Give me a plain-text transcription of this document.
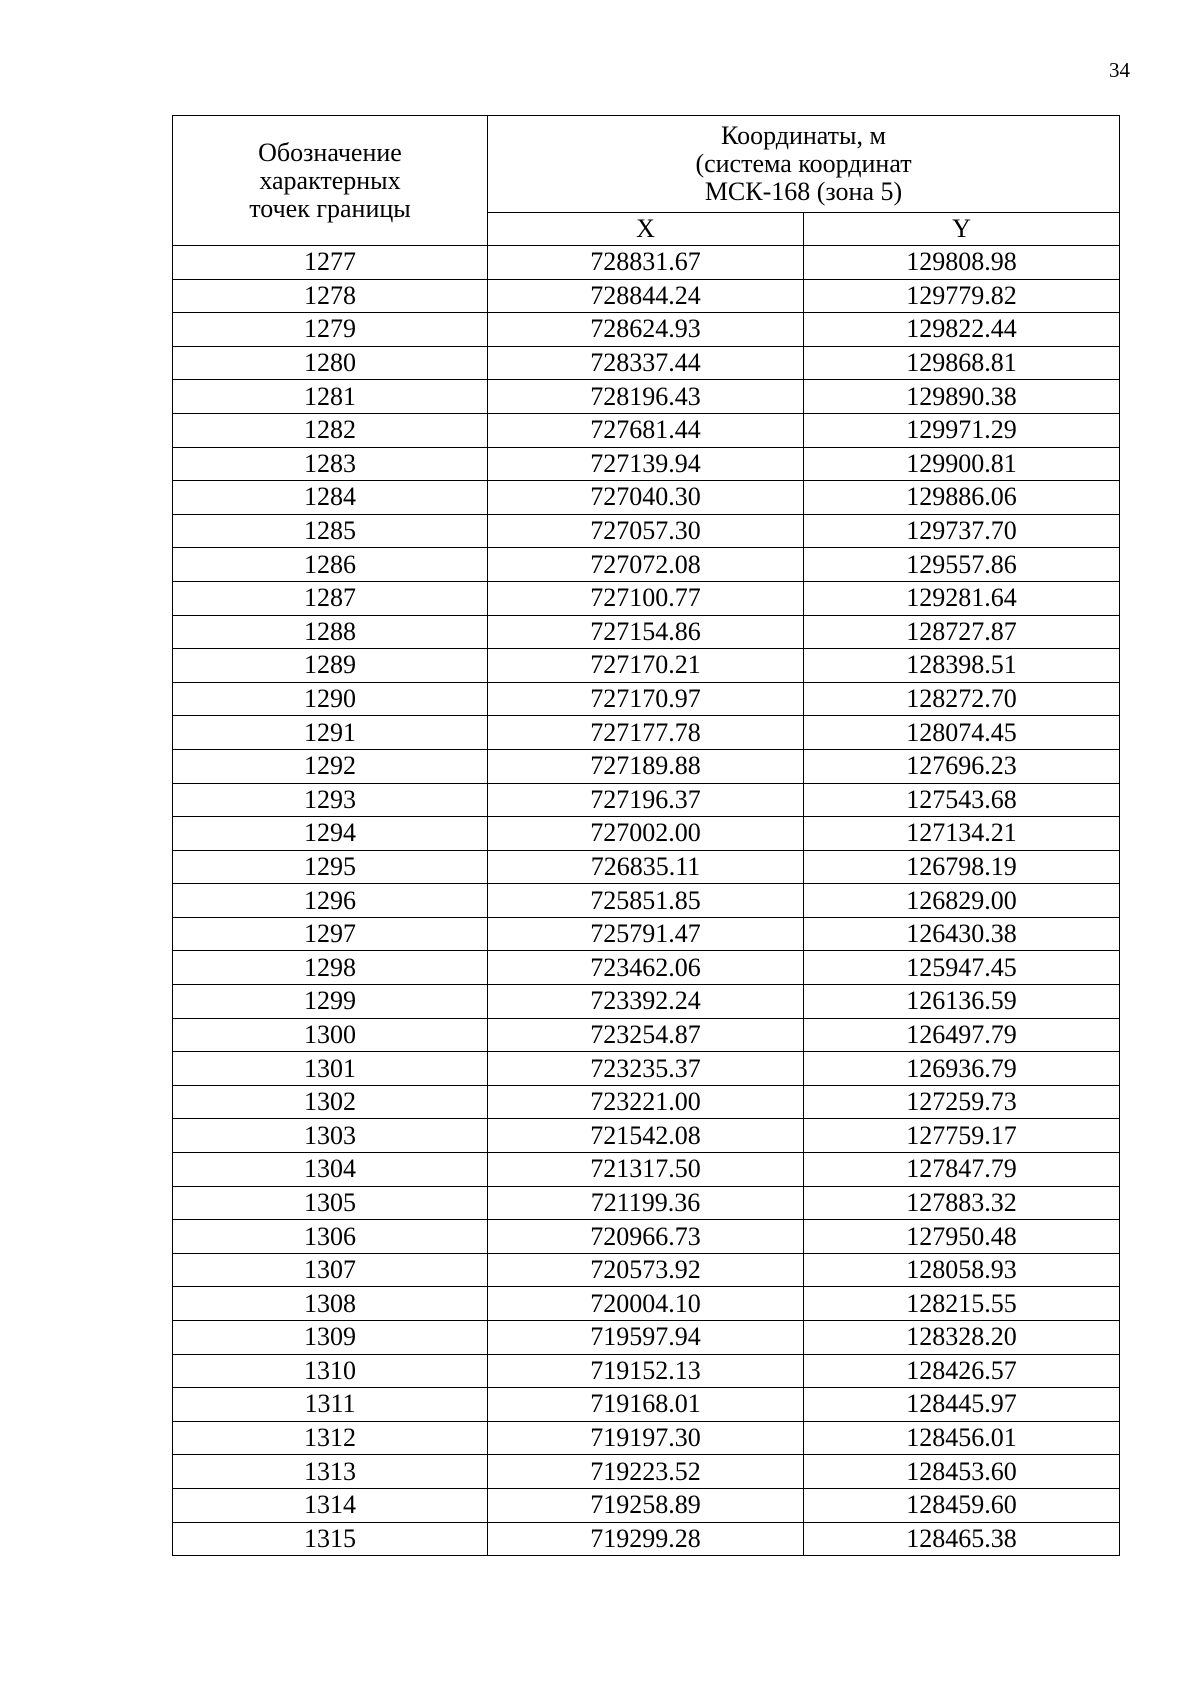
34
Обозначение
характерных
точек границы	Координаты, м
(система координат
МСК-168 (зона 5)	

	X	Y
1277	728831.67	129808.98
1278	728844.24	129779.82
1279	728624.93	129822.44
1280	728337.44	129868.81
1281	728196.43	129890.38
1282	727681.44	129971.29
1283	727139.94	129900.81
1284	727040.30	129886.06
1285	727057.30	129737.70
1286	727072.08	129557.86
1287	727100.77	129281.64
1288	727154.86	128727.87
1289	727170.21	128398.51
1290	727170.97	128272.70
1291	727177.78	128074.45
1292	727189.88	127696.23
1293	727196.37	127543.68
1294	727002.00	127134.21
1295	726835.11	126798.19
1296	725851.85	126829.00
1297	725791.47	126430.38
1298	723462.06	125947.45
1299	723392.24	126136.59
1300	723254.87	126497.79
1301	723235.37	126936.79
1302	723221.00	127259.73
1303	721542.08	127759.17
1304	721317.50	127847.79
1305	721199.36	127883.32
1306	720966.73	127950.48
1307	720573.92	128058.93
1308	720004.10	128215.55
1309	719597.94	128328.20
1310	719152.13	128426.57
1311	719168.01	128445.97
1312	719197.30	128456.01
1313	719223.52	128453.60
1314	719258.89	128459.60
1315	719299.28	128465.38
